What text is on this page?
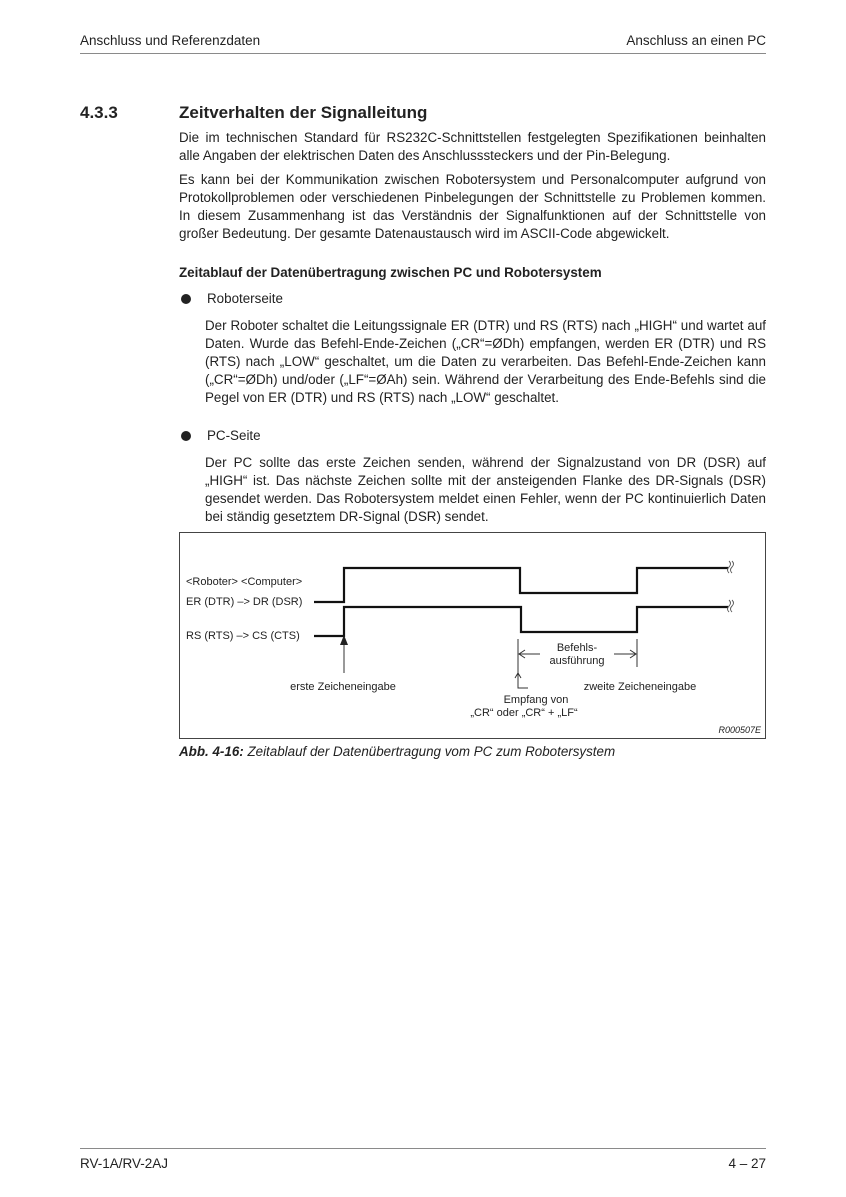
Anschluss und Referenzdaten	Anschluss an einen PC
4.3.3	Zeitverhalten der Signalleitung
Die im technischen Standard für RS232C-Schnittstellen festgelegten Spezifikationen beinhalten alle Angaben der elektrischen Daten des Anschlusssteckers und der Pin-Belegung.
Es kann bei der Kommunikation zwischen Robotersystem und Personalcomputer aufgrund von Protokollproblemen oder verschiedenen Pinbelegungen der Schnittstelle zu Problemen kommen. In diesem Zusammenhang ist das Verständnis der Signalfunktionen auf der Schnittstelle von großer Bedeutung. Der gesamte Datenaustausch wird im ASCII-Code abgewickelt.
Zeitablauf der Datenübertragung zwischen PC und Robotersystem
Roboterseite
Der Roboter schaltet die Leitungssignale ER (DTR) und RS (RTS) nach „HIGH“ und wartet auf Daten. Wurde das Befehl-Ende-Zeichen („CR“=ØDh) empfangen, werden ER (DTR) und RS (RTS) nach „LOW“ geschaltet, um die Daten zu verarbeiten. Das Befehl-Ende-Zeichen kann („CR“=ØDh) und/oder („LF“=ØAh) sein. Während der Verarbeitung des Ende-Befehls sind die Pegel von ER (DTR) und RS (RTS) nach „LOW“ geschaltet.
PC-Seite
Der PC sollte das erste Zeichen senden, während der Signalzustand von DR (DSR) auf „HIGH“ ist. Das nächste Zeichen sollte mit der ansteigenden Flanke des DR-Signals (DSR) gesendet werden. Das Robotersystem meldet einen Fehler, wenn der PC kontinuierlich Daten bei ständig gesetztem DR-Signal (DSR) sendet.
<Roboter> <Computer>
ER (DTR) –> DR (DSR)
RS (RTS) –> CS (CTS)
erste Zeicheneingabe
Befehls-
ausführung
Empfang von
„CR“ oder „CR“ + „LF“
zweite Zeicheneingabe
R000507E
Abb. 4-16: Zeitablauf der Datenübertragung vom PC zum Robotersystem
RV-1A/RV-2AJ	4 – 27
